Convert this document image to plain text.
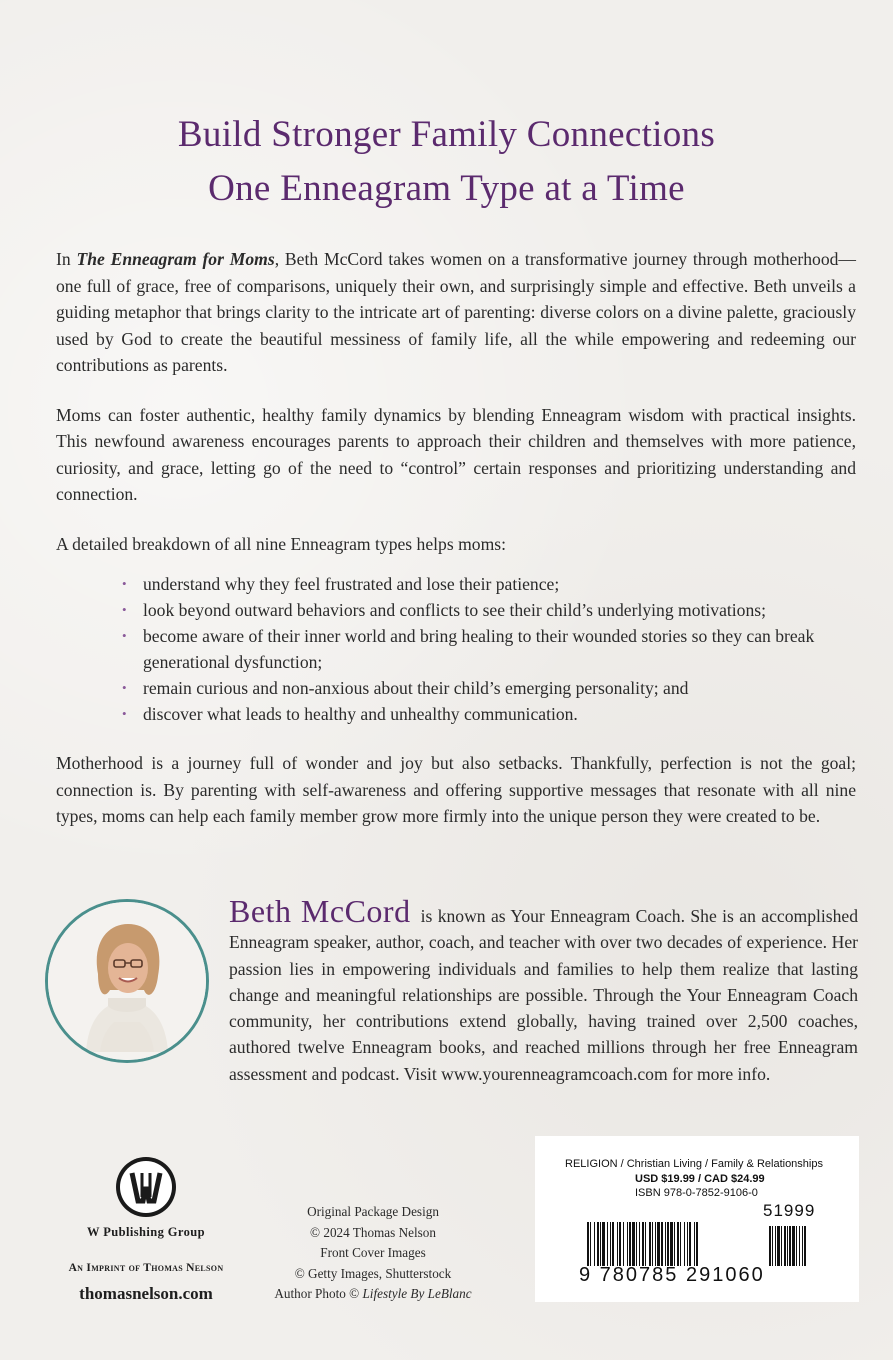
Build Stronger Family Connections
One Enneagram Type at a Time

In The Enneagram for Moms, Beth McCord takes women on a transformative journey through motherhood—one full of grace, free of comparisons, uniquely their own, and surprisingly simple and effective. Beth unveils a guiding metaphor that brings clarity to the intricate art of parenting: diverse colors on a divine palette, graciously used by God to create the beautiful messiness of family life, all the while empowering and redeeming our contributions as parents.

Moms can foster authentic, healthy family dynamics by blending Enneagram wisdom with practical insights. This newfound awareness encourages parents to approach their children and themselves with more patience, curiosity, and grace, letting go of the need to “control” certain responses and prioritizing understanding and connection.

A detailed breakdown of all nine Enneagram types helps moms:

• understand why they feel frustrated and lose their patience;
• look beyond outward behaviors and conflicts to see their child’s underlying motivations;
• become aware of their inner world and bring healing to their wounded stories so they can break generational dysfunction;
• remain curious and non-anxious about their child’s emerging personality; and
• discover what leads to healthy and unhealthy communication.

Motherhood is a journey full of wonder and joy but also setbacks. Thankfully, perfection is not the goal; connection is. By parenting with self-awareness and offering supportive messages that resonate with all nine types, moms can help each family member grow more firmly into the unique person they were created to be.

Beth McCord is known as Your Enneagram Coach. She is an accomplished Enneagram speaker, author, coach, and teacher with over two decades of experience. Her passion lies in empowering individuals and families to help them realize that lasting change and meaningful relationships are possible. Through the Your Enneagram Coach community, her contributions extend globally, having trained over 2,500 coaches, authored twelve Enneagram books, and reached millions through her free Enneagram assessment and podcast. Visit www.yourenneagramcoach.com for more info.
W Publishing Group
An Imprint of Thomas Nelson
thomasnelson.com
Original Package Design
© 2024 Thomas Nelson
Front Cover Images
© Getty Images, Shutterstock
Author Photo © Lifestyle By LeBlanc
RELIGION / Christian Living / Family & Relationships
USD $19.99 / CAD $24.99
ISBN 978-0-7852-9106-0
51999
9 780785 291060
